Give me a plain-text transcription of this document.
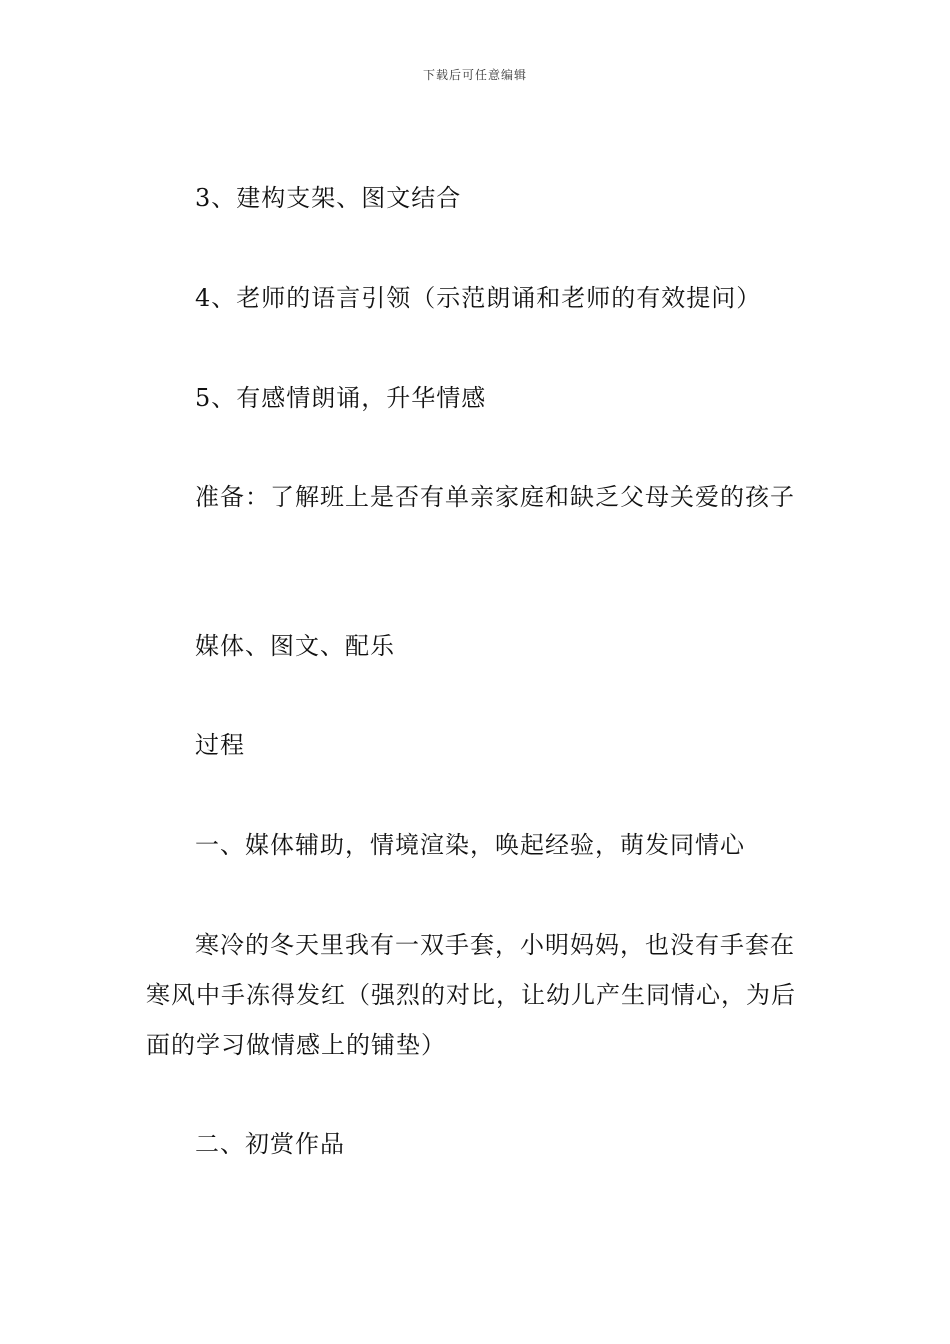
下载后可任意编辑

3、建构支架、图文结合

4、老师的语言引领（示范朗诵和老师的有效提问）

5、有感情朗诵，升华情感

准备：了解班上是否有单亲家庭和缺乏父母关爱的孩子

媒体、图文、配乐

过程

一、媒体辅助，情境渲染，唤起经验，萌发同情心

寒冷的冬天里我有一双手套，小明妈妈，也没有手套在寒风中手冻得发红（强烈的对比，让幼儿产生同情心，为后面的学习做情感上的铺垫）

二、初赏作品
